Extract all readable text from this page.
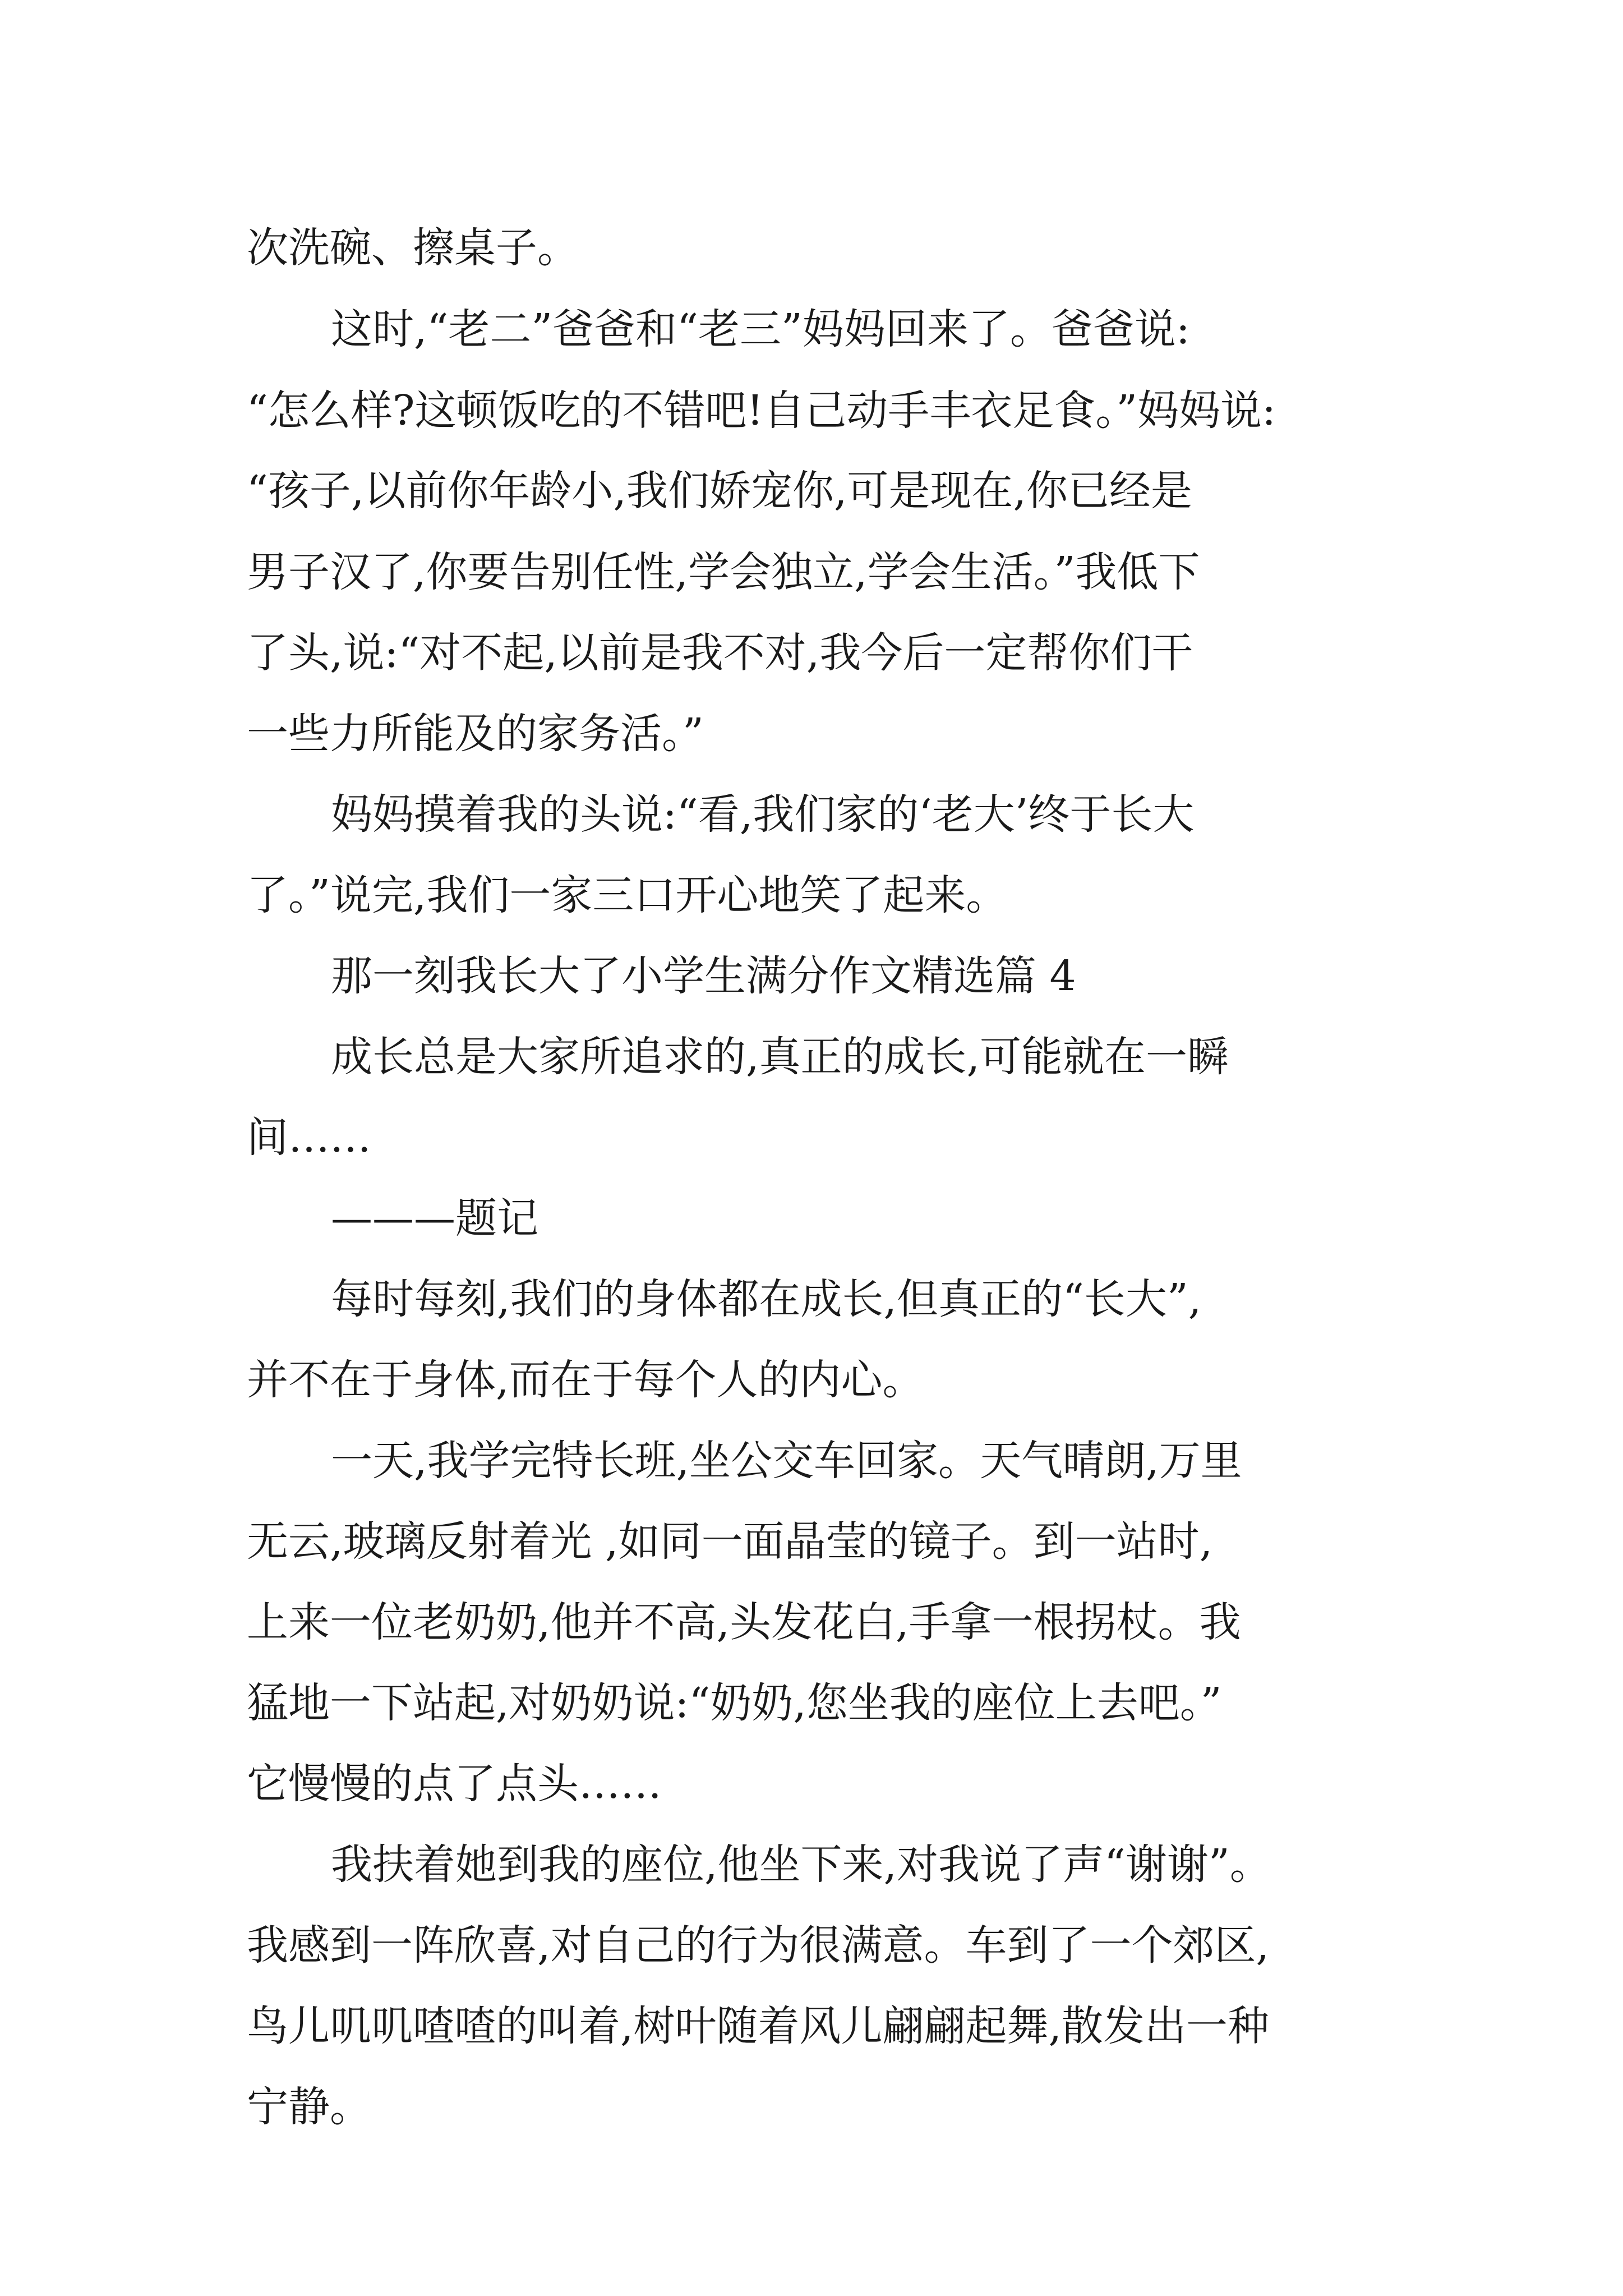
次洗碗、擦桌子。
这时,“老二”爸爸和“老三”妈妈回来了。爸爸说:
“怎么样?这顿饭吃的不错吧!自己动手丰衣足食。”妈妈说:
“孩子,以前你年龄小,我们娇宠你,可是现在,你已经是
男子汉了,你要告别任性,学会独立,学会生活。”我低下
了头,说:“对不起,以前是我不对,我今后一定帮你们干
一些力所能及的家务活。”
妈妈摸着我的头说:“看,我们家的‘老大’终于长大
了。”说完,我们一家三口开心地笑了起来。
那一刻我长大了小学生满分作文精选篇 4
成长总是大家所追求的,真正的成长,可能就在一瞬
间……
———题记
每时每刻,我们的身体都在成长,但真正的“长大”,
并不在于身体,而在于每个人的内心。
一天,我学完特长班,坐公交车回家。天气晴朗,万里
无云,玻璃反射着光 ,如同一面晶莹的镜子。到一站时,
上来一位老奶奶,他并不高,头发花白,手拿一根拐杖。我
猛地一下站起,对奶奶说:“奶奶,您坐我的座位上去吧。”
它慢慢的点了点头……
我扶着她到我的座位,他坐下来,对我说了声“谢谢”。
我感到一阵欣喜,对自己的行为很满意。车到了一个郊区,
鸟儿叽叽喳喳的叫着,树叶随着风儿翩翩起舞,散发出一种
宁静。
